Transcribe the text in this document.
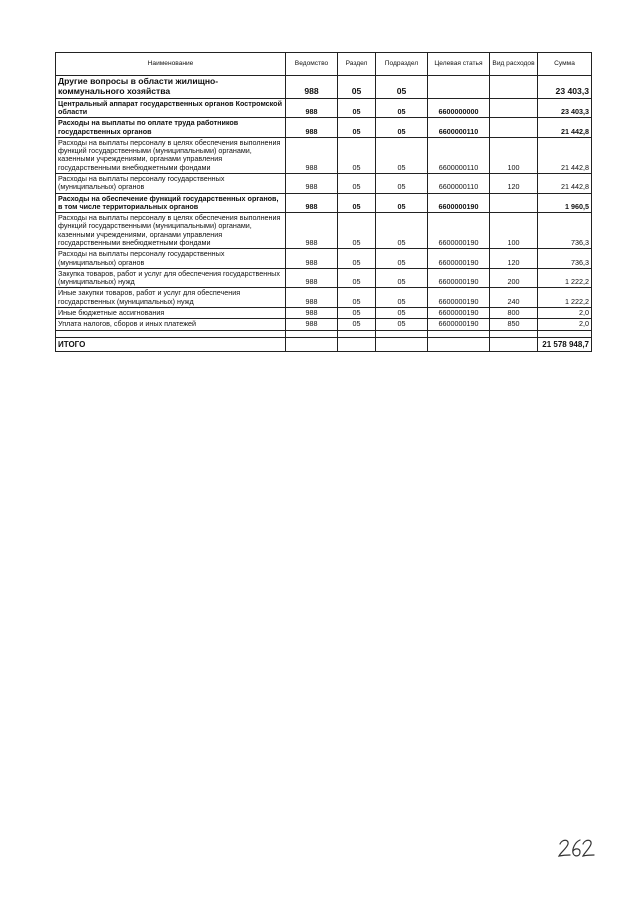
Наименование	Ведомство	Раздел	Подраздел	Целевая статья	Вид расходов	Сумма
Другие вопросы в области жилищно-коммунального хозяйства	988	05	05			23 403,3
Центральный аппарат государственных органов Костромской области	988	05	05	6600000000		23 403,3
Расходы на выплаты по оплате труда работников государственных органов	988	05	05	6600000110		21 442,8
Расходы на выплаты персоналу в целях обеспечения выполнения функций государственными (муниципальными) органами, казенными учреждениями, органами управления государственными внебюджетными фондами	988	05	05	6600000110	100	21 442,8
Расходы на выплаты персоналу государственных (муниципальных) органов	988	05	05	6600000110	120	21 442,8
Расходы на обеспечение функций государственных органов, в том числе территориальных органов	988	05	05	6600000190		1 960,5
Расходы на выплаты персоналу в целях обеспечения выполнения функций государственными (муниципальными) органами, казенными учреждениями, органами управления государственными внебюджетными фондами	988	05	05	6600000190	100	736,3
Расходы на выплаты персоналу государственных (муниципальных) органов	988	05	05	6600000190	120	736,3
Закупка товаров, работ и услуг для обеспечения государственных (муниципальных) нужд	988	05	05	6600000190	200	1 222,2
Иные закупки товаров, работ и услуг для обеспечения государственных (муниципальных) нужд	988	05	05	6600000190	240	1 222,2
Иные бюджетные ассигнования	988	05	05	6600000190	800	2,0
Уплата налогов, сборов и иных платежей	988	05	05	6600000190	850	2,0

ИТОГО						21 578 948,7
